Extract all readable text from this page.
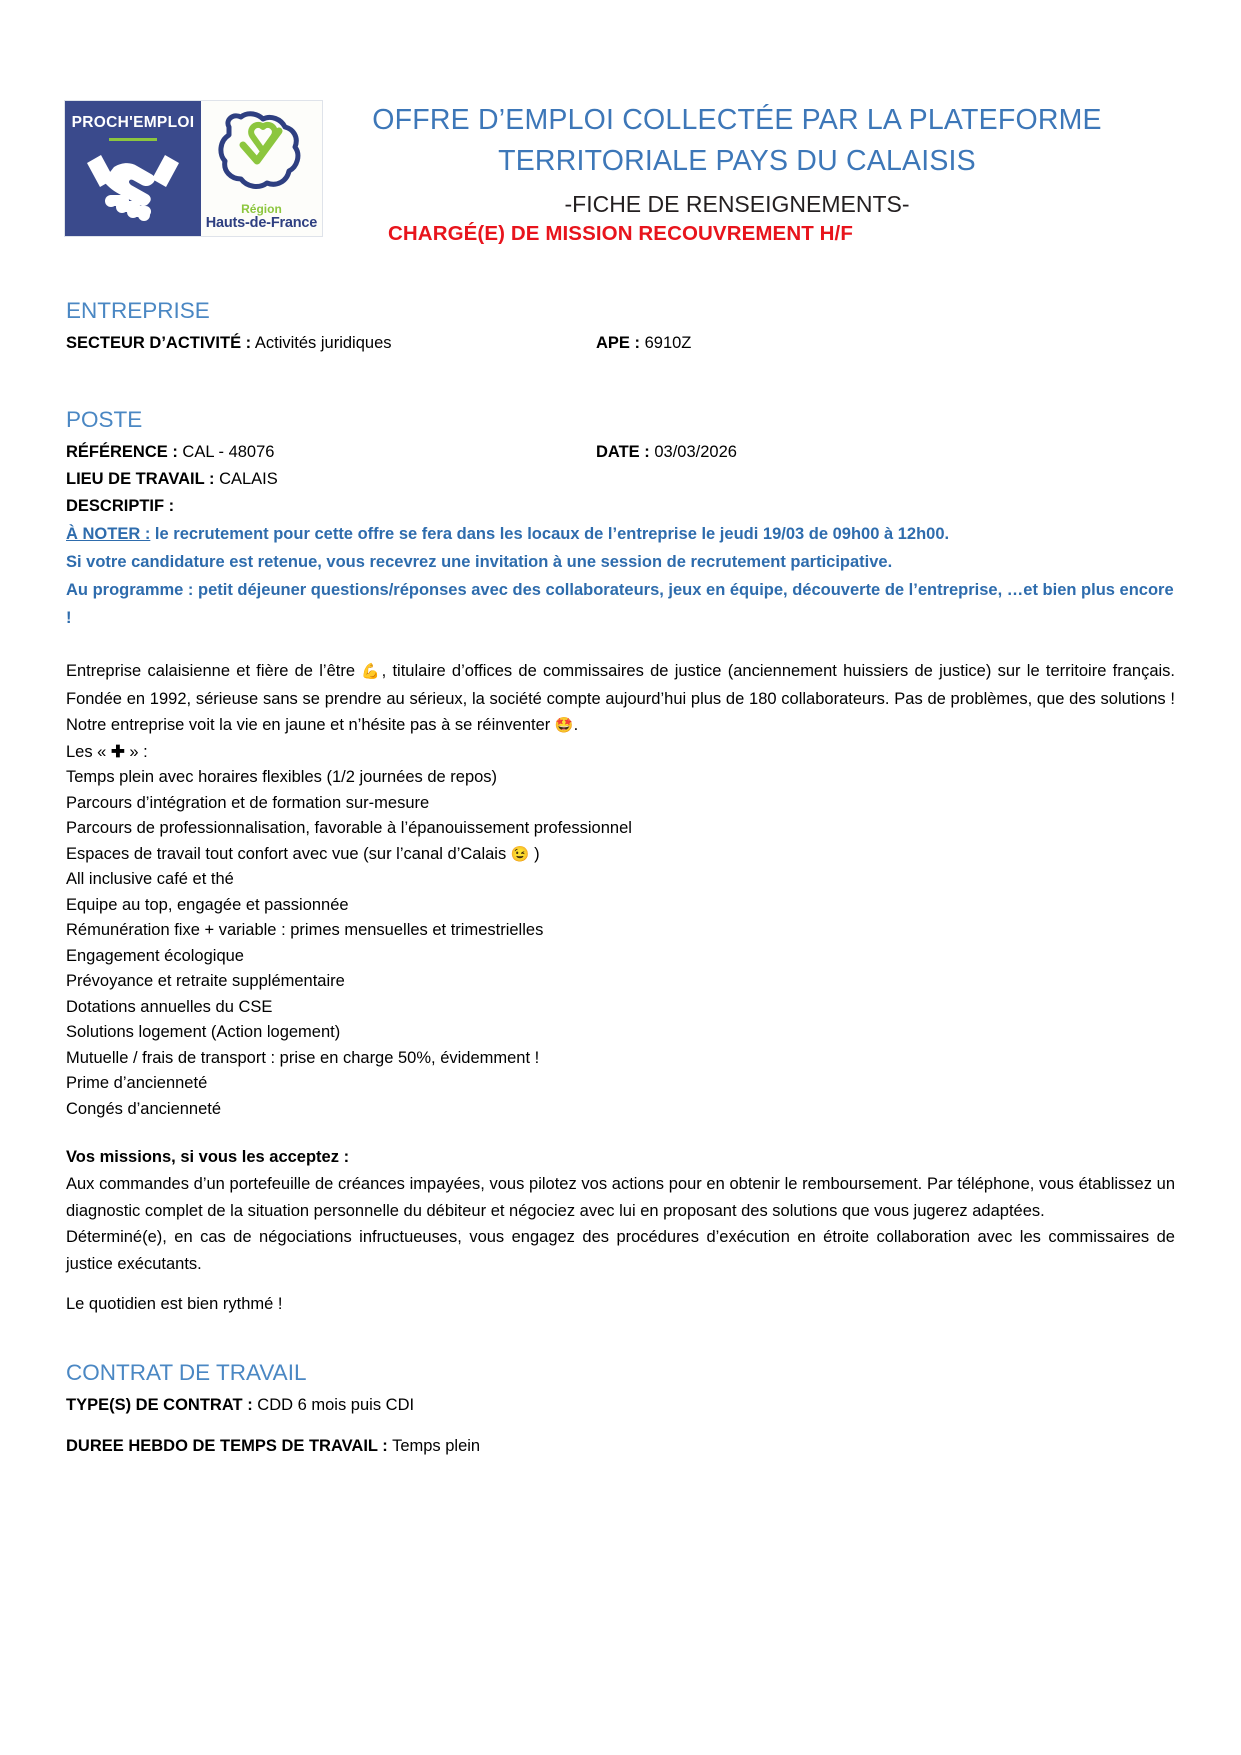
PROCH'EMPLOI
Région
Hauts-de-France
OFFRE D’EMPLOI COLLECTÉE PAR LA PLATEFORME
TERRITORIALE PAYS DU CALAISIS
-FICHE DE RENSEIGNEMENTS-
CHARGÉ(E) DE MISSION RECOUVREMENT H/F
ENTREPRISE
SECTEUR D’ACTIVITÉ : Activités juridiques	APE : 6910Z
POSTE
RÉFÉRENCE : CAL - 48076	DATE : 03/03/2026
LIEU DE TRAVAIL : CALAIS
DESCRIPTIF :
À NOTER : le recrutement pour cette offre se fera dans les locaux de l’entreprise le jeudi 19/03 de 09h00 à 12h00.
Si votre candidature est retenue, vous recevrez une invitation à une session de recrutement participative.
Au programme : petit déjeuner questions/réponses avec des collaborateurs, jeux en équipe, découverte de l’entreprise, …et bien plus encore !
Entreprise calaisienne et fière de l’être 💪, titulaire d’offices de commissaires de justice (anciennement huissiers de justice) sur le territoire français. Fondée en 1992, sérieuse sans se prendre au sérieux, la société compte aujourd’hui plus de 180 collaborateurs. Pas de problèmes, que des solutions ! Notre entreprise voit la vie en jaune et n’hésite pas à se réinventer 🤩.
Les « ✚ » :
Temps plein avec horaires flexibles (1/2 journées de repos)
Parcours d’intégration et de formation sur-mesure
Parcours de professionnalisation, favorable à l’épanouissement professionnel
Espaces de travail tout confort avec vue (sur l’canal d’Calais 😉 )
All inclusive café et thé
Equipe au top, engagée et passionnée
Rémunération fixe + variable : primes mensuelles et trimestrielles
Engagement écologique
Prévoyance et retraite supplémentaire
Dotations annuelles du CSE
Solutions logement (Action logement)
Mutuelle / frais de transport : prise en charge 50%, évidemment !
Prime d’ancienneté
Congés d’ancienneté
Vos missions, si vous les acceptez :
Aux commandes d’un portefeuille de créances impayées, vous pilotez vos actions pour en obtenir le remboursement. Par téléphone, vous établissez un diagnostic complet de la situation personnelle du débiteur et négociez avec lui en proposant des solutions que vous jugerez adaptées.
Déterminé(e), en cas de négociations infructueuses, vous engagez des procédures d’exécution en étroite collaboration avec les commissaires de justice exécutants.
Le quotidien est bien rythmé !
CONTRAT DE TRAVAIL
TYPE(S) DE CONTRAT : CDD 6 mois puis CDI
DUREE HEBDO DE TEMPS DE TRAVAIL : Temps plein
